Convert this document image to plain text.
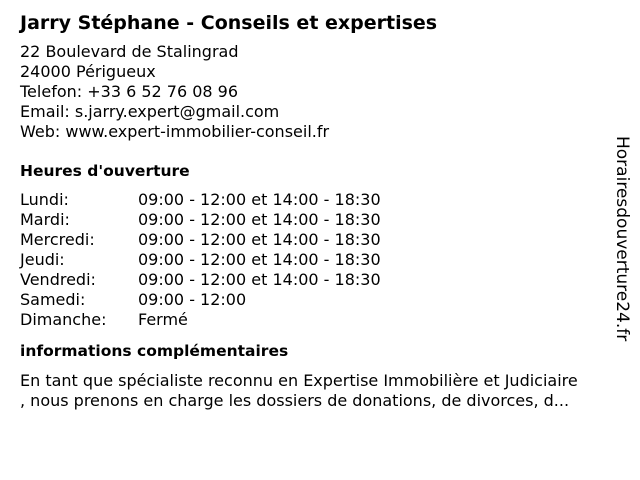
Jarry Stéphane - Conseils et expertises
22 Boulevard de Stalingrad
24000 Périgueux
Telefon: +33 6 52 76 08 96
Email: s.jarry.expert@gmail.com
Web: www.expert-immobilier-conseil.fr
Heures d'ouverture
Lundi:	09:00 - 12:00 et 14:00 - 18:30
Mardi:	09:00 - 12:00 et 14:00 - 18:30
Mercredi:	09:00 - 12:00 et 14:00 - 18:30
Jeudi:	09:00 - 12:00 et 14:00 - 18:30
Vendredi:	09:00 - 12:00 et 14:00 - 18:30
Samedi:	09:00 - 12:00
Dimanche:	Fermé
informations complémentaires
En tant que spécialiste reconnu en Expertise Immobilière et Judiciaire
, nous prenons en charge les dossiers de donations, de divorces, d...
Horairesdouverture24.fr
